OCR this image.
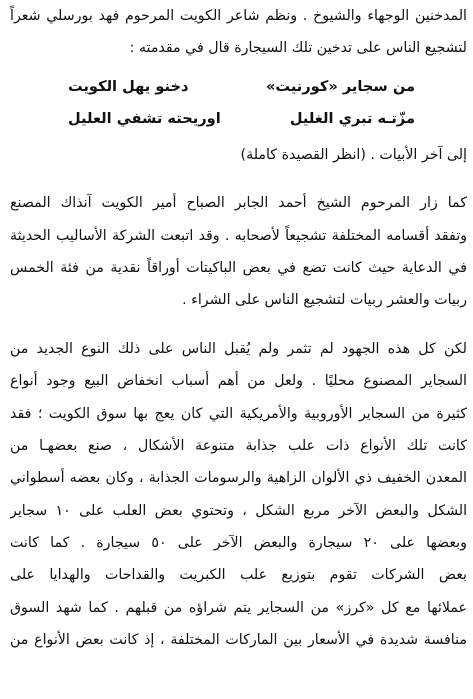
المدخنين الوجهاء والشيوخ . ونظم شاعر الكويت المرحوم فهد بورسلي شعراً
لتشجيع الناس على تدخين تلك السيجارة قال في مقدمته :
من سجاير «كورنيت»
دخنو يهل الكويت
مزّتـه تبري الغليل
اوريحته تشفي العليل
إلى آخر الأبيات . (انظر القصيدة كاملة)
كما زار المرحوم الشيخ أحمد الجابر الصباح أمير الكويت آنذاك المصنع
وتفقد أقسامه المختلفة تشجيعاً لأصحابه . وقد اتبعت الشركة الأساليب الحديثة
في الدعاية حيث كانت تضع في بعض الباكيتات أوراقاً نقدية من فئة الخمس
ربيات والعشر ربيات لتشجيع الناس على الشراء .
لكن كل هذه الجهود لم تثمر ولم يُقبل الناس على ذلك النوع الجديد من
السجاير المصنوع محليًا . ولعل من أهم أسباب انخفاض البيع وجود أنواع
كثيرة من السجاير الأوروبية والأمريكية التي كان يعج بها سوق الكويت ؛ فقد
كانت تلك الأنواع ذات علب جذابة متنوعة الأشكال ، صنع بعضهـا من
المعدن الخفيف ذي الألوان الزاهية والرسومات الجذابة ، وكان بعضه أسطواني
الشكل والبعض الآخر مربع الشكل ، وتحتوي بعض العلب على ١٠ سجاير
وبعضها على ٢٠ سيجارة والبعض الآخر على ٥٠ سيجارة . كما كانت
بعض الشركات تقوم بتوزيع علب الكبريت والقداحات والهدايا على
عملائها مع كل «كرز» من السجاير يتم شراؤه من قبلهم . كما شهد السوق
منافسة شديدة في الأسعار بين الماركات المختلفة ، إذ كانت بعض الأنواع من
